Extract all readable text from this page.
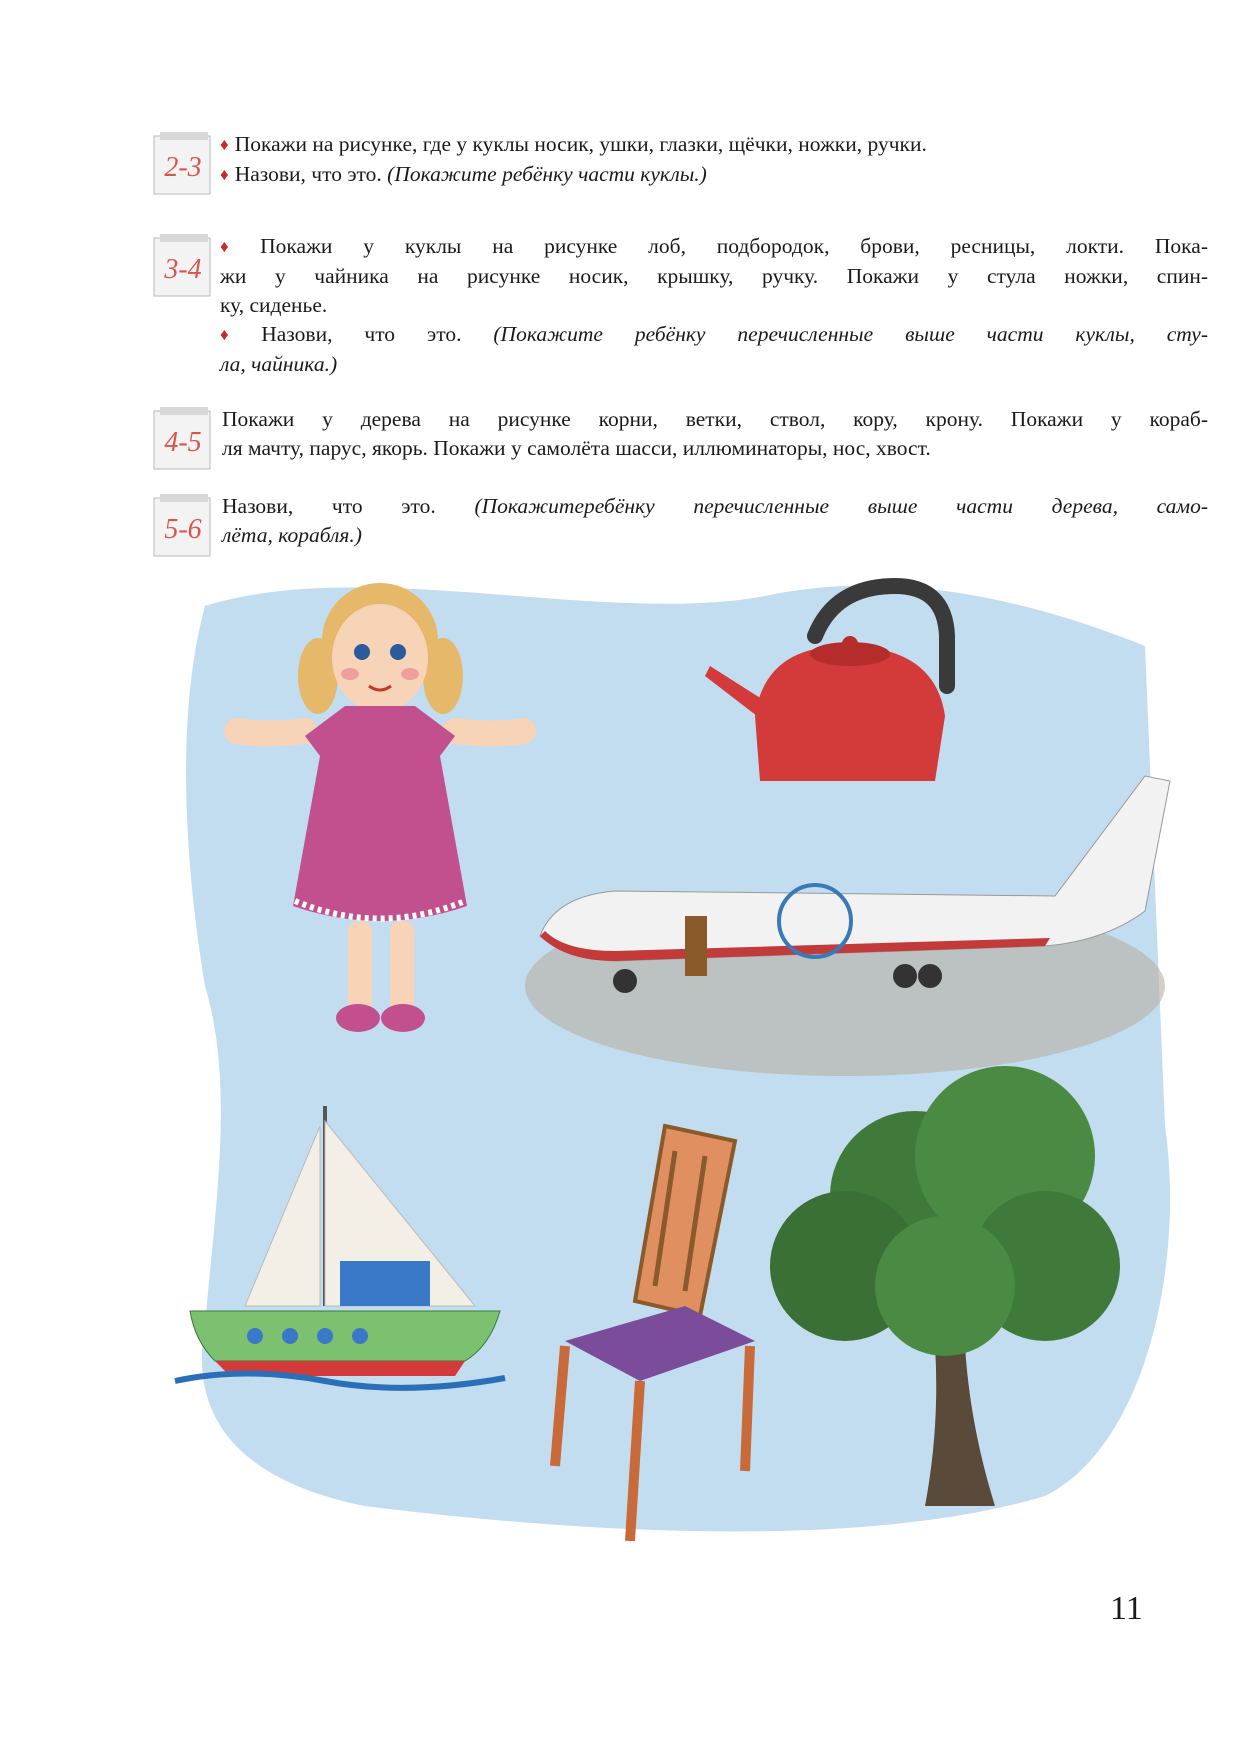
2-3
♦ Покажи на рисунке, где у куклы носик, ушки, глазки, щёчки, ножки, ручки.
♦ Назови, что это. (Покажите ребёнку части куклы.)
3-4
♦ Покажи у куклы на рисунке лоб, подбородок, брови, ресницы, локти. Пока-
жи у чайника на рисунке носик, крышку, ручку. Покажи у стула ножки, спин-
ку, сиденье.
♦ Назови, что это. (Покажите ребёнку перечисленные выше части куклы, сту-
ла, чайника.)
4-5
Покажи у дерева на рисунке корни, ветки, ствол, кору, крону. Покажи у кораб-
ля мачту, парус, якорь. Покажи у самолёта шасси, иллюминаторы, нос, хвост.
5-6
Назови, что это. (Покажитеребёнку перечисленные выше части дерева, само-
лёта, корабля.)
11
